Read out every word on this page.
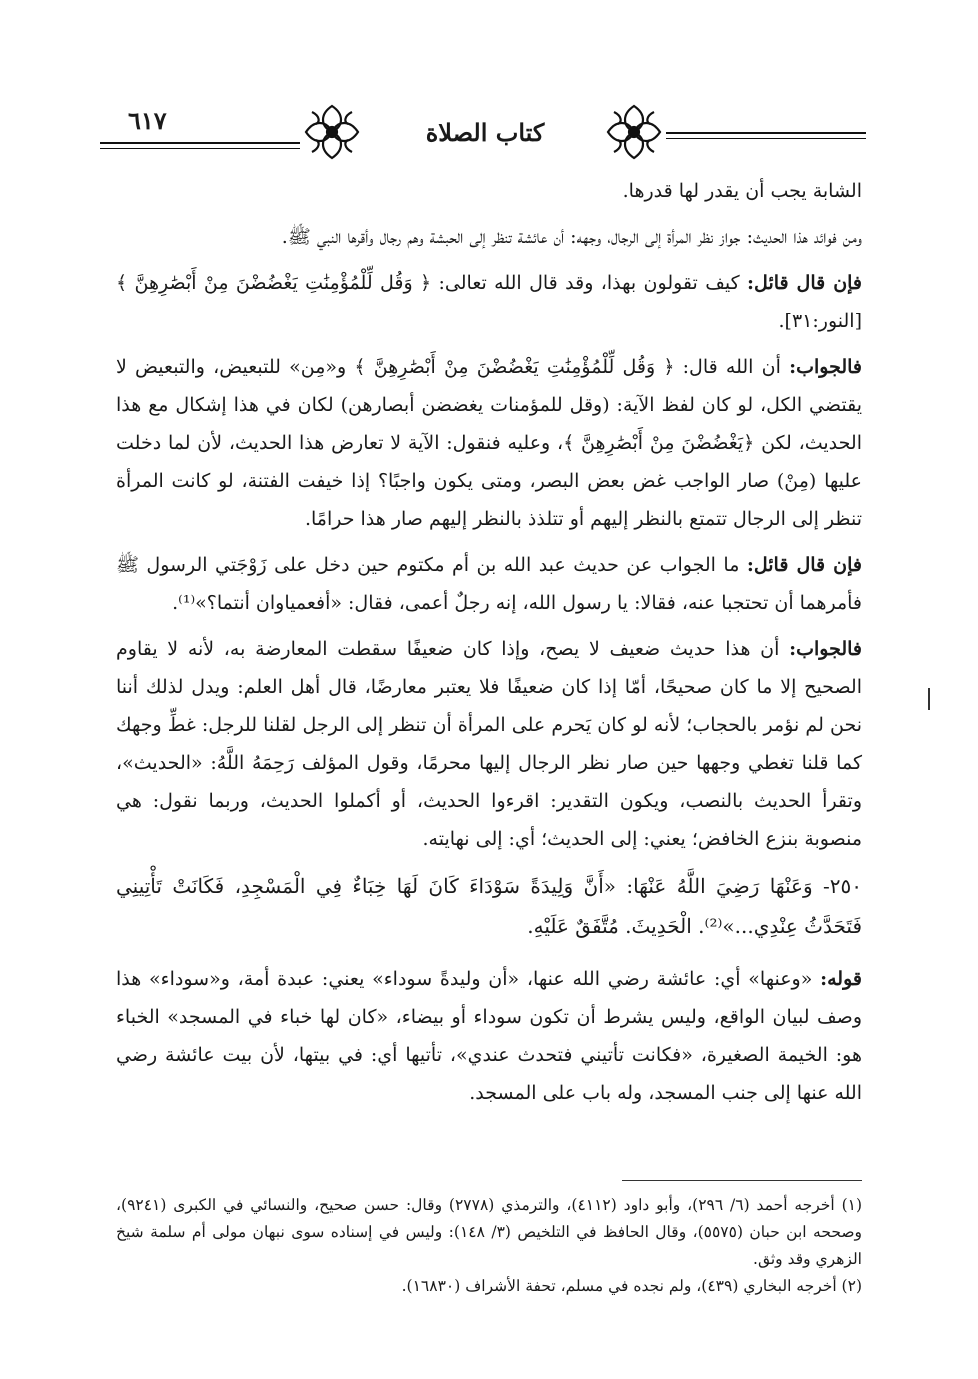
٦١٧	كتاب الصلاة

الشابة يجب أن يقدر لها قدرها.

ومن فوائد هذا الحديث: جواز نظر المرأة إلى الرجال، وجهه: أن عائشة تنظر إلى الحبشة وهم رجال وأقرها النبي ﷺ.

فإن قال قائل: كيف تقولون بهذا، وقد قال الله تعالى: ﴿ وَقُل لِّلْمُؤْمِنَٰتِ يَغْضُضْنَ مِنْ أَبْصَٰرِهِنَّ ﴾ [النور:٣١].

فالجواب: أن الله قال: ﴿ وَقُل لِّلْمُؤْمِنَٰتِ يَغْضُضْنَ مِنْ أَبْصَٰرِهِنَّ ﴾ و«مِن» للتبعيض، والتبعيض لا يقتضي الكل، لو كان لفظ الآية: (وقل للمؤمنات يغضضن أبصارهن) لكان في هذا إشكال مع هذا الحديث، لكن ﴿يَغْضُضْنَ مِنْ أَبْصَٰرِهِنَّ ﴾، وعليه فنقول: الآية لا تعارض هذا الحديث، لأن لما دخلت عليها (مِنْ) صار الواجب غض بعض البصر، ومتى يكون واجبًا؟ إذا خيفت الفتنة، لو كانت المرأة تنظر إلى الرجال تتمتع بالنظر إليهم أو تتلذذ بالنظر إليهم صار هذا حرامًا.

فإن قال قائل: ما الجواب عن حديث عبد الله بن أم مكتوم حين دخل على زَوْجَتي الرسول ﷺ فأمرهما أن تحتجبا عنه، فقالا: يا رسول الله، إنه رجلٌ أعمى، فقال: «أفعمياوان أنتما؟»⁽¹⁾.

فالجواب: أن هذا حديث ضعيف لا يصح، وإذا كان ضعيفًا سقطت المعارضة به، لأنه لا يقاوم الصحيح إلا ما كان صحيحًا، أمّا إذا كان ضعيفًا فلا يعتبر معارضًا، قال أهل العلم: ويدل لذلك أننا نحن لم نؤمر بالحجاب؛ لأنه لو كان يَحرم على المرأة أن تنظر إلى الرجل لقلنا للرجل: غطِّ وجهك كما قلنا تغطي وجهها حين صار نظر الرجال إليها محرمًا، وقول المؤلف رَحِمَهُ اللَّهُ: «الحديث»، وتقرأ الحديث بالنصب، ويكون التقدير: اقرءوا الحديث، أو أكملوا الحديث، وربما نقول: هي منصوبة بنزع الخافض؛ يعني: إلى الحديث؛ أي: إلى نهايته.

٢٥٠- وَعَنْهَا رَضِيَ اللَّهُ عَنْهَا: «أَنَّ وَلِيدَةً سَوْدَاءَ كَانَ لَهَا خِبَاءٌ فِي الْمَسْجِدِ، فَكَانَتْ تَأْتِينِي فَتَحَدَّثُ عِنْدِي...»⁽²⁾. الْحَدِيثَ. مُتَّفَقٌ عَلَيْهِ.

قوله: «وعنها» أي: عائشة رضي الله عنها، «أن وليدةً سوداء» يعني: عبدة أمة، و«سوداء» هذا وصف لبيان الواقع، وليس يشرط أن تكون سوداء أو بيضاء، «كان لها خباء في المسجد» الخباء هو: الخيمة الصغيرة، «فكانت تأتيني فتحدث عندي»، تأتيها أي: في بيتها، لأن بيت عائشة رضي الله عنها إلى جنب المسجد، وله باب على المسجد.

(١) أخرجه أحمد (٦/ ٢٩٦)، وأبو داود (٤١١٢)، والترمذي (٢٧٧٨) وقال: حسن صحيح، والنسائي في الكبرى (٩٢٤١)، وصححه ابن حبان (٥٥٧٥)، وقال الحافظ في التلخيص (٣/ ١٤٨): وليس في إسناده سوى نبهان مولى أم سلمة شيخ الزهري وقد وثق.

(٢) أخرجه البخاري (٤٣٩)، ولم نجده في مسلم، تحفة الأشراف (١٦٨٣٠).
